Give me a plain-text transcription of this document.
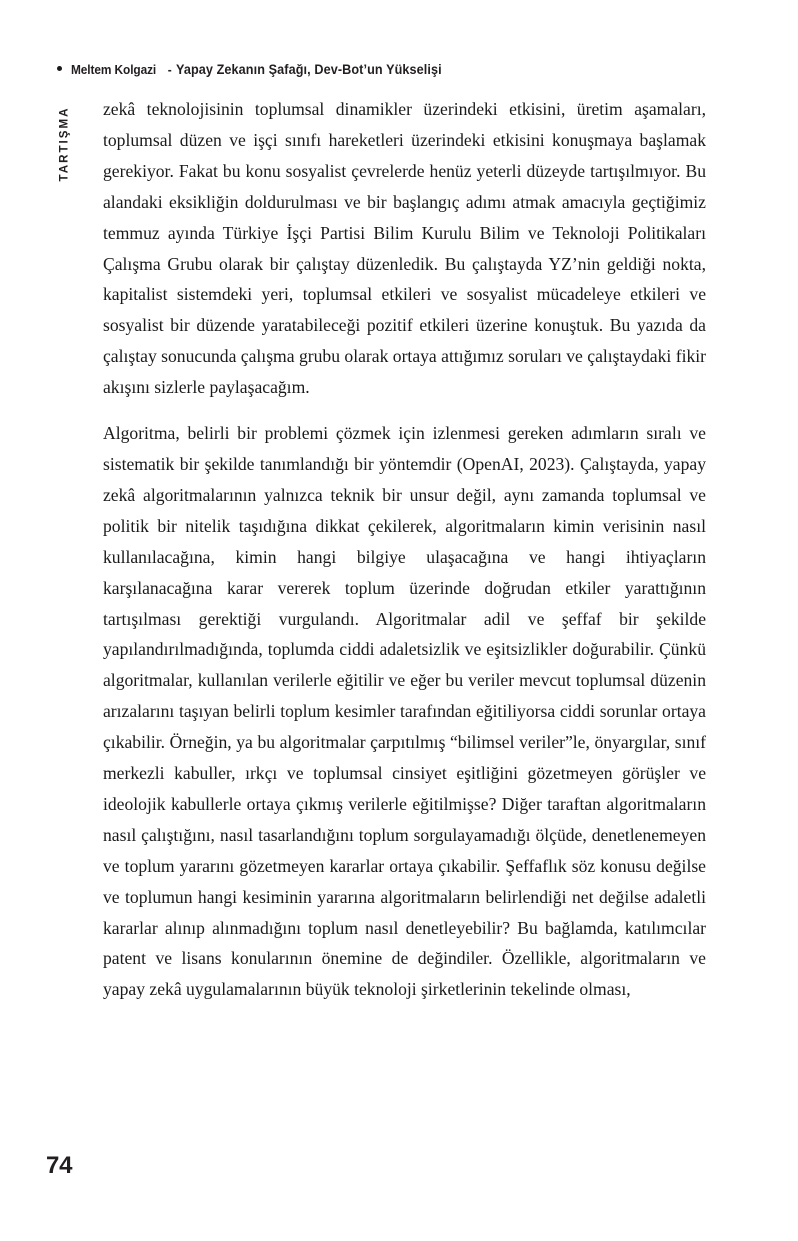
Meltem Kolgazi - Yapay Zekanın Şafağı, Dev-Bot’un Yükselişi
TARTIŞMA zekâ teknolojisinin toplumsal dinamikler üzerindeki etkisini, üretim aşamaları, toplumsal düzen ve işçi sınıfı hareketleri üzerindeki etkisini konuşmaya başlamak gerekiyor. Fakat bu konu sosyalist çevrelerde henüz yeterli düzeyde tartışılmıyor. Bu alandaki eksikliğin doldurulması ve bir başlangıç adımı atmak amacıyla geçtiğimiz temmuz ayında Türkiye İşçi Partisi Bilim Kurulu Bilim ve Teknoloji Politikaları Çalışma Grubu olarak bir çalıştay düzenledik. Bu çalıştayda YZ’nin geldiği nokta, kapitalist sistemdeki yeri, toplumsal etkileri ve sosyalist mücadeleye etkileri ve sosyalist bir düzende yaratabileceği pozitif etkileri üzerine konuştuk. Bu yazıda da çalıştay sonucunda çalışma grubu olarak ortaya attığımız soruları ve çalıştaydaki fikir akışını sizlerle paylaşacağım.

Algoritma, belirli bir problemi çözmek için izlenmesi gereken adımların sıralı ve sistematik bir şekilde tanımlandığı bir yöntemdir (OpenAI, 2023). Çalıştayda, yapay zekâ algoritmalarının yalnızca teknik bir unsur değil, aynı zamanda toplumsal ve politik bir nitelik taşıdığına dikkat çekilerek, algoritmaların kimin verisinin nasıl kullanılacağına, kimin hangi bilgiye ulaşacağına ve hangi ihtiyaçların karşılanacağına karar vererek toplum üzerinde doğrudan etkiler yarattığının tartışılması gerektiği vurgulandı. Algoritmalar adil ve şeffaf bir şekilde yapılandırılmadığında, toplumda ciddi adaletsizlik ve eşitsizlikler doğurabilir. Çünkü algoritmalar, kullanılan verilerle eğitilir ve eğer bu veriler mevcut toplumsal düzenin arızalarını taşıyan belirli toplum kesimler tarafından eğitiliyorsa ciddi sorunlar ortaya çıkabilir. Örneğin, ya bu algoritmalar çarpıtılmış “bilimsel veriler”le, önyargılar, sınıf merkezli kabuller, ırkçı ve toplumsal cinsiyet eşitliğini gözetmeyen görüşler ve ideolojik kabullerle ortaya çıkmış verilerle eğitilmişse? Diğer taraftan algoritmaların nasıl çalıştığını, nasıl tasarlandığını toplum sorgulayamadığı ölçüde, denetlenemeyen ve toplum yararını gözetmeyen kararlar ortaya çıkabilir. Şeffaflık söz konusu değilse ve toplumun hangi kesiminin yararına algoritmaların belirlendiği net değilse adaletli kararlar alınıp alınmadığını toplum nasıl denetleyebilir? Bu bağlamda, katılımcılar patent ve lisans konularının önemine de değindiler. Özellikle, algoritmaların ve yapay zekâ uygulamalarının büyük teknoloji şirketlerinin tekelinde olması,

74
